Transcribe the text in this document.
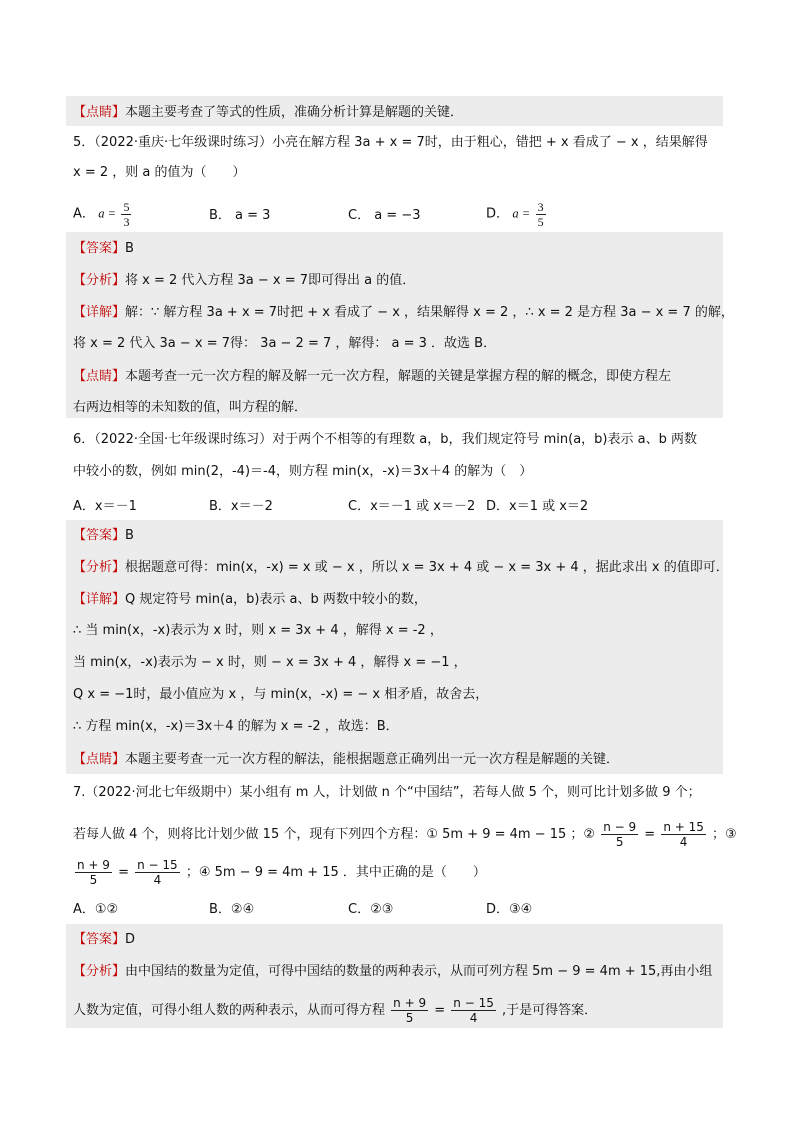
【点睛】本题主要考查了等式的性质，准确分析计算是解题的关键．
5．（2022·重庆·七年级课时练习）小亮在解方程 3a + x = 7时，由于粗心，错把 + x 看成了 − x ，结果解得
x = 2 ，则 a 的值为（　　）
A． $a = \frac{5}{3}$	B． a = 3	C． a = −3	D． $a = \frac{3}{5}$
【答案】B
【分析】将 x = 2 代入方程 3a − x = 7即可得出 a 的值．
【详解】解：∵ 解方程 3a + x = 7时把 + x 看成了 − x ，结果解得 x = 2 ，∴ x = 2 是方程 3a − x = 7 的解，
将 x = 2 代入 3a − x = 7得： 3a − 2 = 7 ，解得： a = 3 ．故选 B．
【点睛】本题考查一元一次方程的解及解一元一次方程，解题的关键是掌握方程的解的概念，即使方程左
右两边相等的未知数的值，叫方程的解．
6．（2022·全国·七年级课时练习）对于两个不相等的有理数 a，b，我们规定符号 min(a，b)表示 a、b 两数
中较小的数，例如 min(2，-4)＝-4，则方程 min(x，-x)＝3x＋4 的解为（　）
A．x＝－1	B．x＝－2	C．x＝－1 或 x＝－2 D．x＝1 或 x＝2
【答案】B
【分析】根据题意可得：min(x，-x) = x 或 − x ，所以 x = 3x + 4 或 − x = 3x + 4 ，据此求出 x 的值即可．
【详解】Q 规定符号 min(a，b)表示 a、b 两数中较小的数，
∴ 当 min(x，-x)表示为 x 时，则 x = 3x + 4 ，解得 x = -2 ，
当 min(x，-x)表示为 − x 时，则 − x = 3x + 4 ，解得 x = −1 ，
Q x = −1时，最小值应为 x ，与 min(x，-x) = − x 相矛盾，故舍去，
∴ 方程 min(x，-x)＝3x＋4 的解为 x = -2 ，故选：B．
【点睛】本题主要考查一元一次方程的解法，能根据题意正确列出一元一次方程是解题的关键．
7.（2022·河北七年级期中）某小组有 m 人，计划做 n 个“中国结”，若每人做 5 个，则可比计划多做 9 个；
若每人做 4 个，则将比计划少做 15 个，现有下列四个方程：① 5m + 9 = 4m − 15 ；② $\frac{n - 9}{5} = \frac{n + 15}{4}$ ；③
$\frac{n + 9}{5} = \frac{n - 15}{4}$ ；④ 5m − 9 = 4m + 15 ．其中正确的是（　　）
A．①②	B．②④	C．②③	D．③④
【答案】D
【分析】由中国结的数量为定值，可得中国结的数量的两种表示，从而可列方程 5m − 9 = 4m + 15,再由小组
人数为定值，可得小组人数的两种表示，从而可得方程 $\frac{n + 9}{5} = \frac{n - 15}{4}$ ,于是可得答案．
